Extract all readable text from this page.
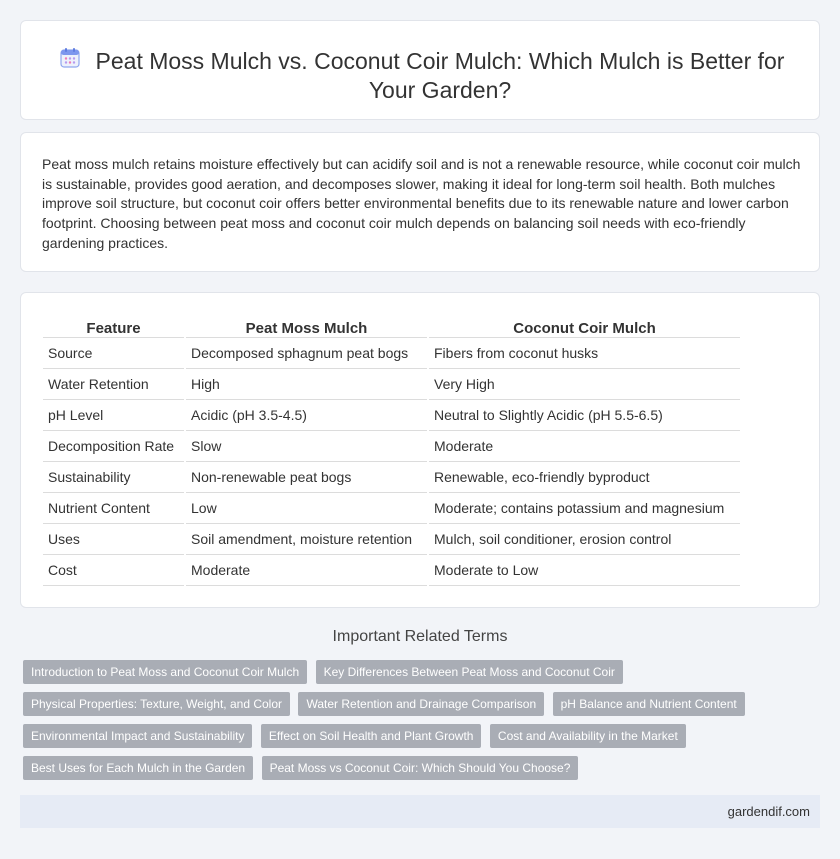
Peat Moss Mulch vs. Coconut Coir Mulch: Which Mulch is Better for Your Garden?
Peat moss mulch retains moisture effectively but can acidify soil and is not a renewable resource, while coconut coir mulch is sustainable, provides good aeration, and decomposes slower, making it ideal for long-term soil health. Both mulches improve soil structure, but coconut coir offers better environmental benefits due to its renewable nature and lower carbon footprint. Choosing between peat moss and coconut coir mulch depends on balancing soil needs with eco-friendly gardening practices.
Feature	Peat Moss Mulch	Coconut Coir Mulch
Source	Decomposed sphagnum peat bogs	Fibers from coconut husks
Water Retention	High	Very High
pH Level	Acidic (pH 3.5-4.5)	Neutral to Slightly Acidic (pH 5.5-6.5)
Decomposition Rate	Slow	Moderate
Sustainability	Non-renewable peat bogs	Renewable, eco-friendly byproduct
Nutrient Content	Low	Moderate; contains potassium and magnesium
Uses	Soil amendment, moisture retention	Mulch, soil conditioner, erosion control
Cost	Moderate	Moderate to Low
Important Related Terms
Introduction to Peat Moss and Coconut Coir Mulch Key Differences Between Peat Moss and Coconut Coir
Physical Properties: Texture, Weight, and Color Water Retention and Drainage Comparison pH Balance and Nutrient Content
Environmental Impact and Sustainability Effect on Soil Health and Plant Growth Cost and Availability in the Market
Best Uses for Each Mulch in the Garden Peat Moss vs Coconut Coir: Which Should You Choose?
gardendif.com
